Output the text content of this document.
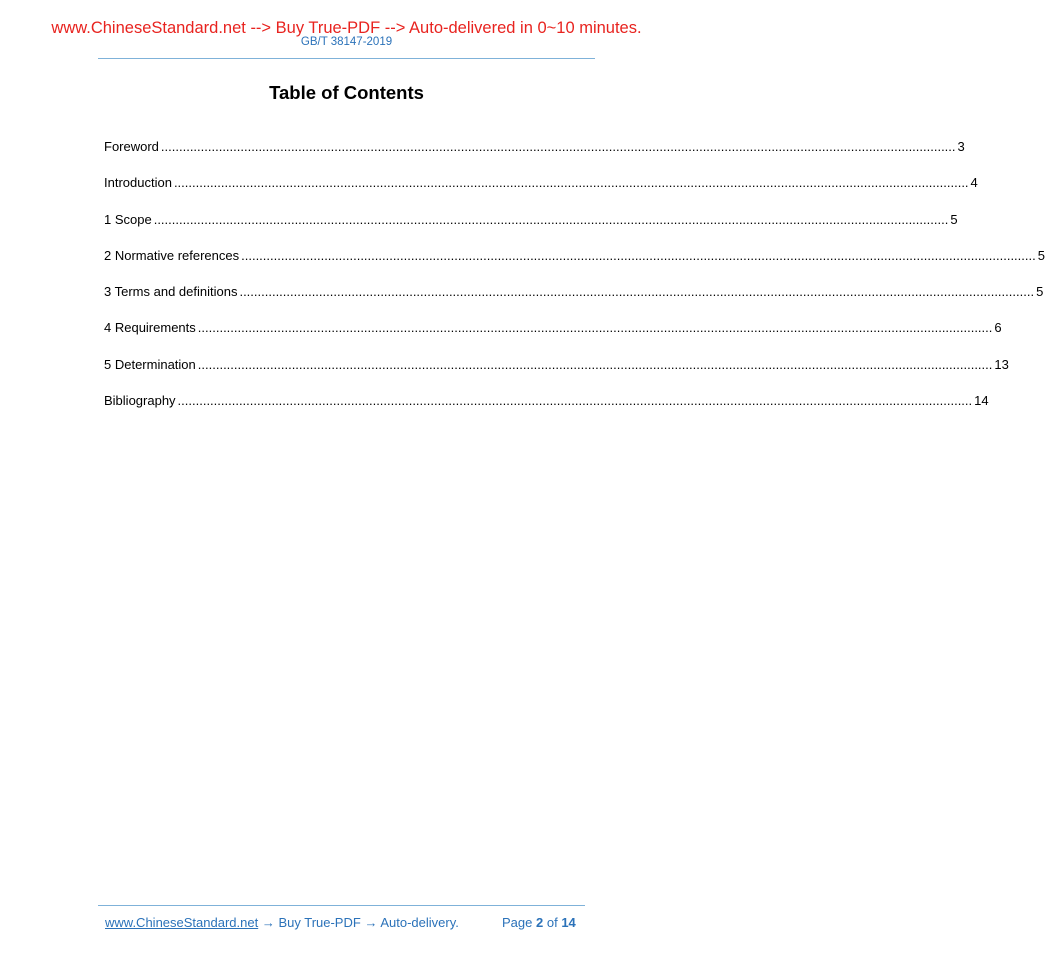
www.ChineseStandard.net --> Buy True-PDF --> Auto-delivered in 0~10 minutes.
GB/T 38147-2019
Table of Contents
Foreword ............................................................................................................................................................................................................................ 3
Introduction ............................................................................................................................................................................................................................ 4
1 Scope ............................................................................................................................................................................................................................ 5
2 Normative references ............................................................................................................................................................................................................................ 5
3 Terms and definitions ............................................................................................................................................................................................................................ 5
4 Requirements ............................................................................................................................................................................................................................ 6
5 Determination ............................................................................................................................................................................................................................ 13
Bibliography ............................................................................................................................................................................................................................ 14
www.ChineseStandard.net → Buy True-PDF → Auto-delivery.	Page 2 of 14
